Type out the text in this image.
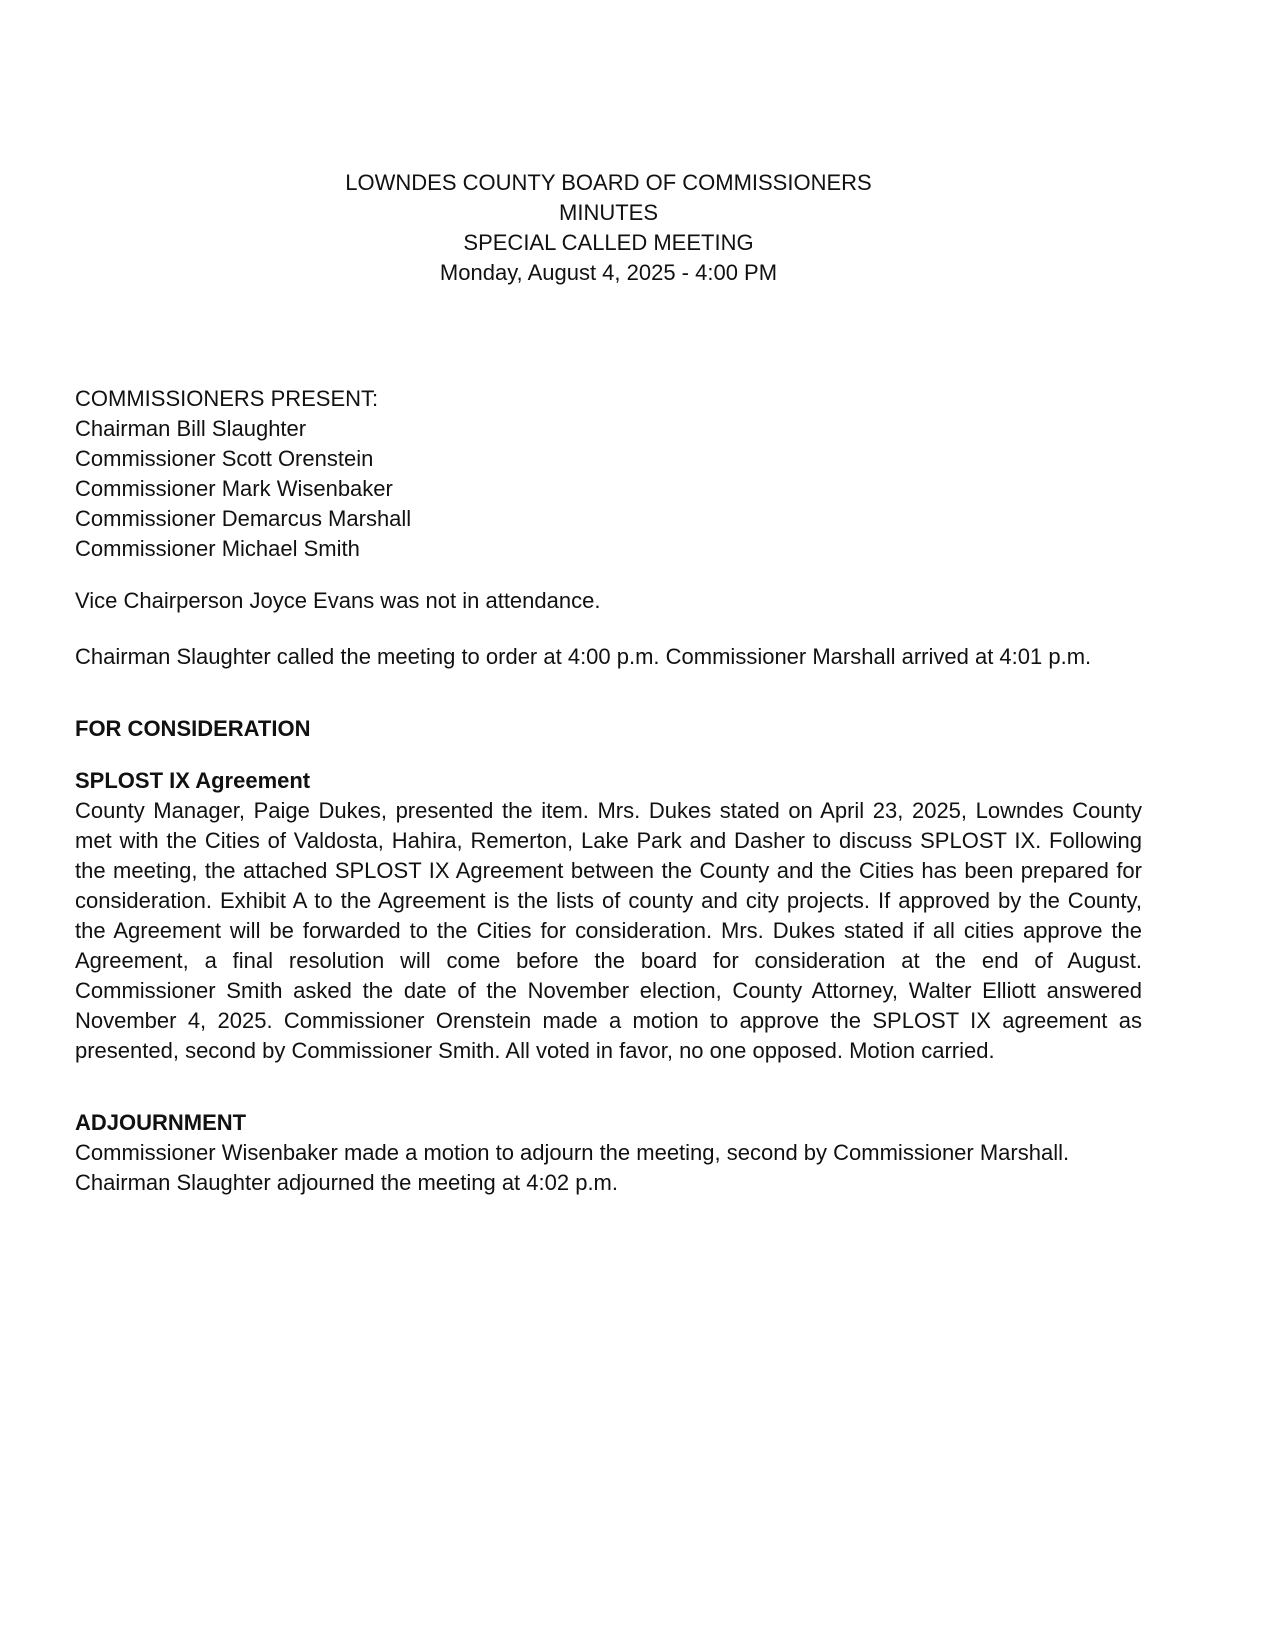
LOWNDES COUNTY BOARD OF COMMISSIONERS
MINUTES
SPECIAL CALLED MEETING
Monday, August 4, 2025 - 4:00 PM
COMMISSIONERS PRESENT:
Chairman Bill Slaughter
Commissioner Scott Orenstein
Commissioner Mark Wisenbaker
Commissioner Demarcus Marshall
Commissioner Michael Smith

Vice Chairperson Joyce Evans was not in attendance.

Chairman Slaughter called the meeting to order at 4:00 p.m. Commissioner Marshall arrived at 4:01 p.m.

FOR CONSIDERATION
SPLOST IX Agreement

County Manager, Paige Dukes, presented the item. Mrs. Dukes stated on April 23, 2025, Lowndes County met with the Cities of Valdosta, Hahira, Remerton, Lake Park and Dasher to discuss SPLOST IX. Following the meeting, the attached SPLOST IX Agreement between the County and the Cities has been prepared for consideration. Exhibit A to the Agreement is the lists of county and city projects. If approved by the County, the Agreement will be forwarded to the Cities for consideration. Mrs. Dukes stated if all cities approve the Agreement, a final resolution will come before the board for consideration at the end of August. Commissioner Smith asked the date of the November election, County Attorney, Walter Elliott answered November 4, 2025. Commissioner Orenstein made a motion to approve the SPLOST IX agreement as presented, second by Commissioner Smith. All voted in favor, no one opposed. Motion carried.

ADJOURNMENT

Commissioner Wisenbaker made a motion to adjourn the meeting, second by Commissioner Marshall. Chairman Slaughter adjourned the meeting at 4:02 p.m.
